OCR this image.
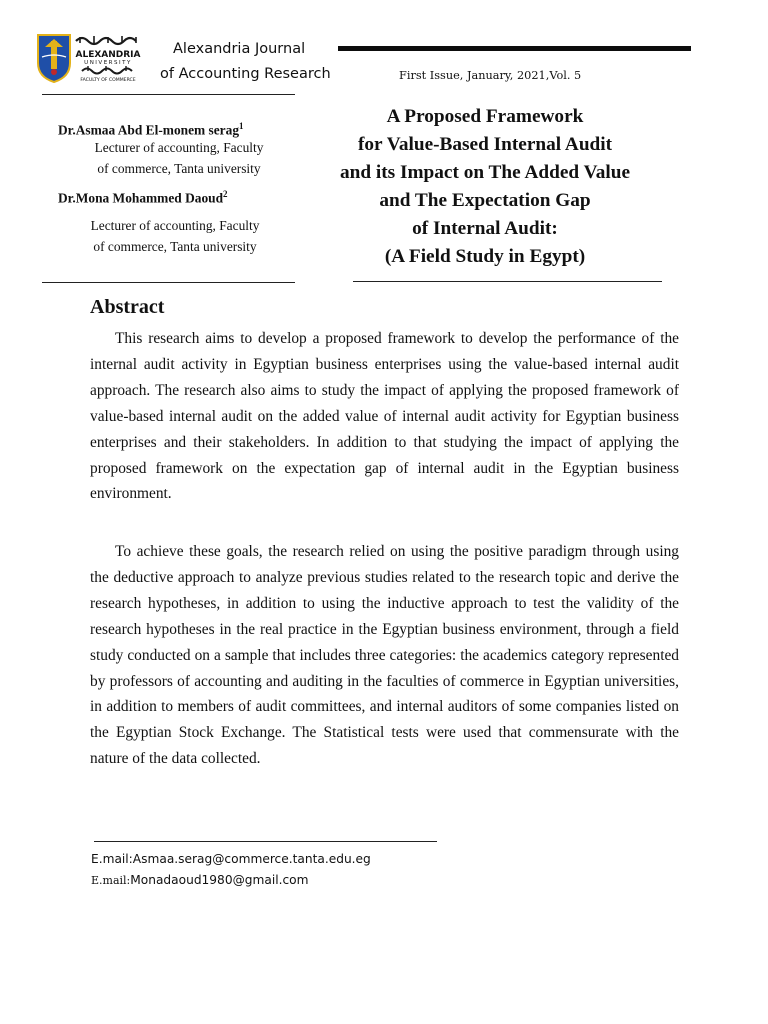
ALEXANDRIA
UNIVERSITY
FACULTY OF COMMERCE
Alexandria Journal
of Accounting Research	First Issue, January, 2021,Vol. 5
Dr.Asmaa Abd El-monem serag$^1$
Lecturer of accounting, Faculty
of commerce, Tanta university
Dr.Mona Mohammed Daoud$^2$
Lecturer of accounting, Faculty
of commerce, Tanta university
A Proposed Framework
for Value-Based Internal Audit
and its Impact on The Added Value
and The Expectation Gap
of Internal Audit:
(A Field Study in Egypt)
Abstract

This research aims to develop a proposed framework to develop the performance of the internal audit activity in Egyptian business enterprises using the value-based internal audit approach. The research also aims to study the impact of applying the proposed framework of value-based internal audit on the added value of internal audit activity for Egyptian business enterprises and their stakeholders. In addition to that studying the impact of applying the proposed framework on the expectation gap of internal audit in the Egyptian business environment.

To achieve these goals, the research relied on using the positive paradigm through using the deductive approach to analyze previous studies related to the research topic and derive the research hypotheses, in addition to using the inductive approach to test the validity of the research hypotheses in the real practice in the Egyptian business environment, through a field study conducted on a sample that includes three categories: the academics category represented by professors of accounting and auditing in the faculties of commerce in Egyptian universities, in addition to members of audit committees, and internal auditors of some companies listed on the Egyptian Stock Exchange. The Statistical tests were used that commensurate with the nature of the data collected.

E.mail:Asmaa.serag@commerce.tanta.edu.eg
E.mail:Monadaoud1980@gmail.com
